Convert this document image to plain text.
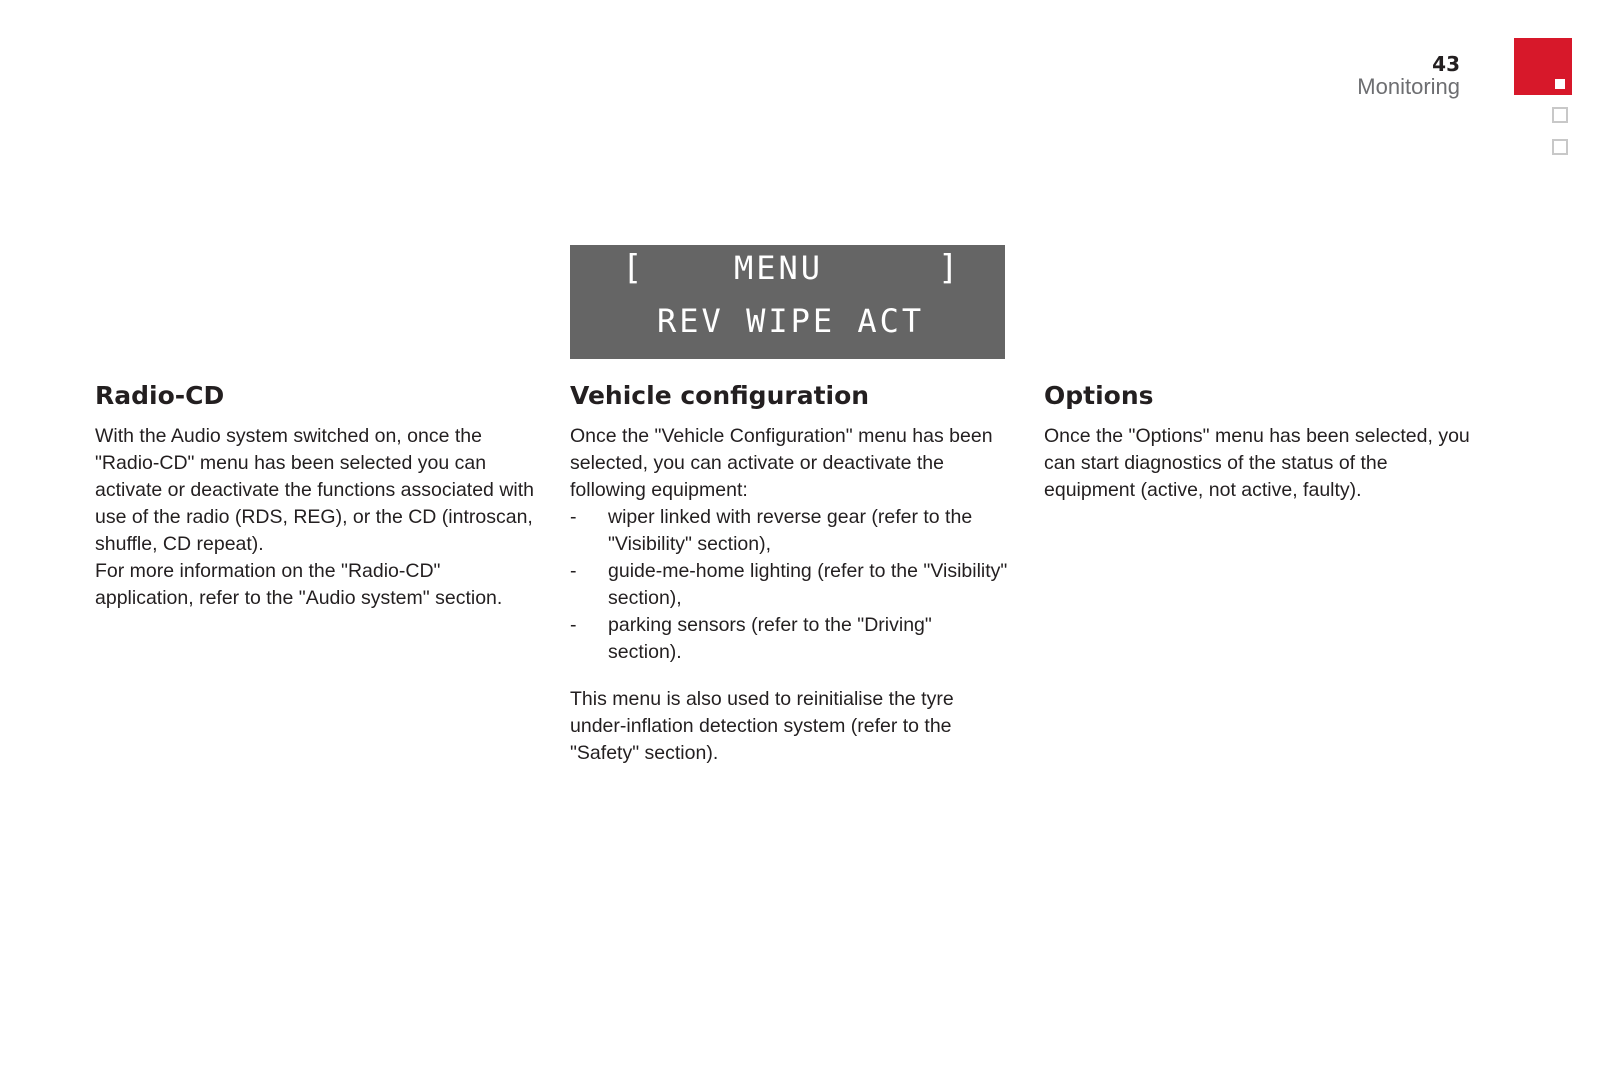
43
Monitoring
[	MENU	]
REV WIPE ACT
Radio-CD

With the Audio system switched on, once the "Radio-CD" menu has been selected you can activate or deactivate the functions associated with use of the radio (RDS, REG), or the CD (introscan, shuffle, CD repeat).

For more information on the "Radio-CD" application, refer to the "Audio system" section.

Vehicle configuration

Once the "Vehicle Configuration" menu has been selected, you can activate or deactivate the following equipment:

- wiper linked with reverse gear (refer to the "Visibility" section),
- guide-me-home lighting (refer to the "Visibility" section),
- parking sensors (refer to the "Driving" section).

This menu is also used to reinitialise the tyre under-inflation detection system (refer to the "Safety" section).

Options

Once the "Options" menu has been selected, you can start diagnostics of the status of the equipment (active, not active, faulty).
